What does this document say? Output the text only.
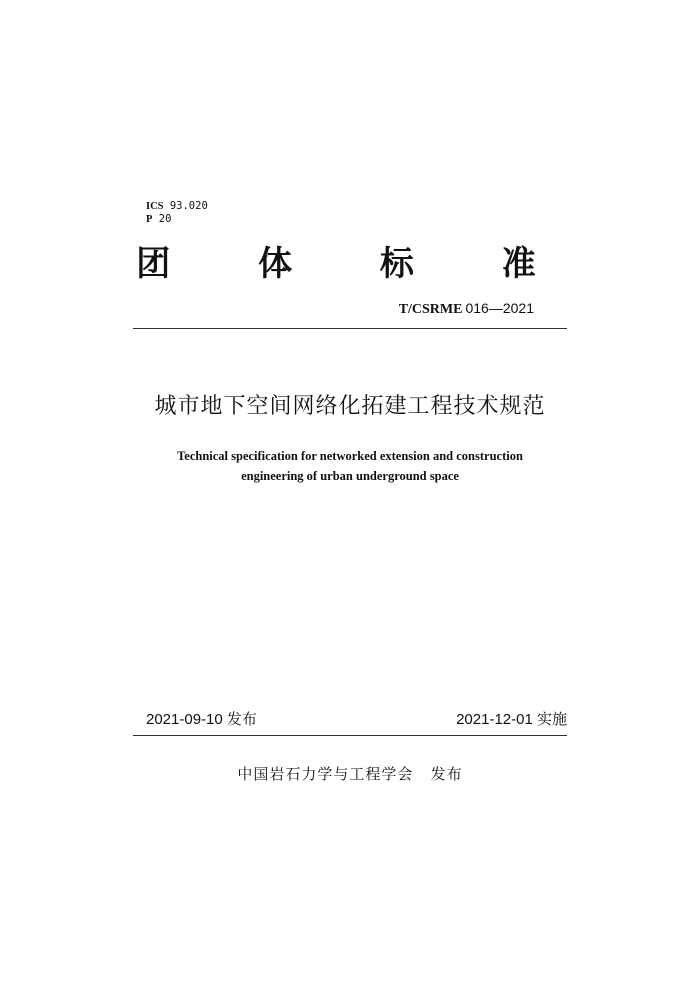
ICS 93.020
P 20
团 体 标 准
T/CSRME 016—2021
城市地下空间网络化拓建工程技术规范
Technical specification for networked extension and construction
engineering of urban underground space
2021-09-10 发布	2021-12-01 实施
中国岩石力学与工程学会   发布
